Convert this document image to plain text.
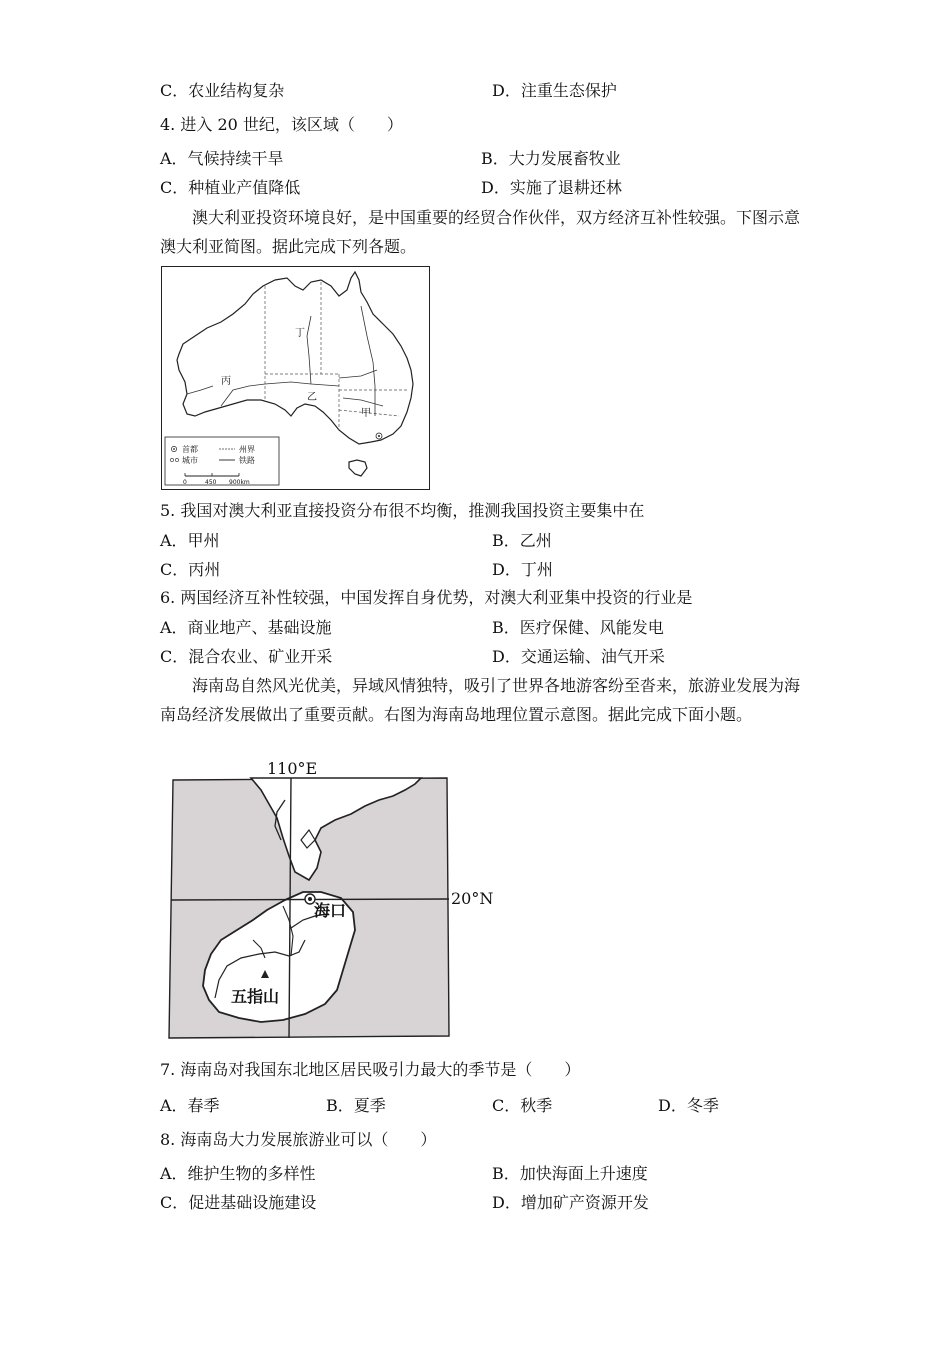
C．农业结构复杂	D．注重生态保护
4. 进入 20 世纪，该区域（　　）
A．气候持续干旱	B．大力发展畜牧业
C．种植业产值降低	D．实施了退耕还林
澳大利亚投资环境良好，是中国重要的经贸合作伙伴，双方经济互补性较强。下图示意澳大利亚简图。据此完成下列各题。
丁
丙
乙
甲
首都
城市
州界
铁路
0	450 900km
5. 我国对澳大利亚直接投资分布很不均衡，推测我国投资主要集中在
A．甲州	B．乙州
C．丙州	D．丁州
6. 两国经济互补性较强，中国发挥自身优势，对澳大利亚集中投资的行业是
A．商业地产、基础设施	B．医疗保健、风能发电
C．混合农业、矿业开采	D．交通运输、油气开采
海南岛自然风光优美，异域风情独特，吸引了世界各地游客纷至沓来，旅游业发展为海南岛经济发展做出了重要贡献。右图为海南岛地理位置示意图。据此完成下面小题。
110°E
20°N
海口
五指山
7. 海南岛对我国东北地区居民吸引力最大的季节是（　　）
A．春季	B．夏季	C．秋季	D．冬季
8. 海南岛大力发展旅游业可以（　　）
A．维护生物的多样性	B．加快海面上升速度
C．促进基础设施建设	D．增加矿产资源开发
